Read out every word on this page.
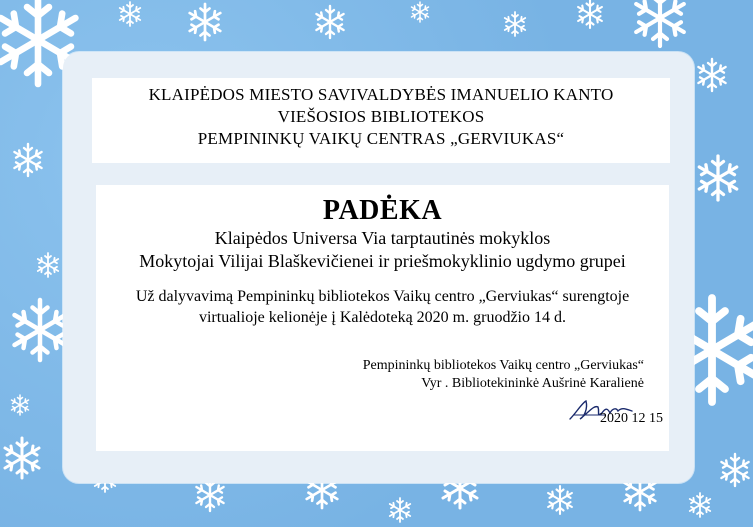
KLAIPĖDOS MIESTO SAVIVALDYBĖS IMANUELIO KANTO
VIEŠOSIOS BIBLIOTEKOS
PEMPININKŲ VAIKŲ CENTRAS „GERVIUKAS“
PADĖKA
Klaipėdos Universa Via tarptautinės mokyklos
Mokytojai Vilijai Blaškevičienei ir priešmokyklinio ugdymo grupei
Už dalyvavimą Pempininkų bibliotekos Vaikų centro „Gerviukas“ surengtoje
virtualioje kelionėje į Kalėdoteką 2020 m. gruodžio 14 d.
Pempininkų bibliotekos Vaikų centro „Gerviukas“
Vyr . Bibliotekininkė Aušrinė Karalienė
2020 12 15
